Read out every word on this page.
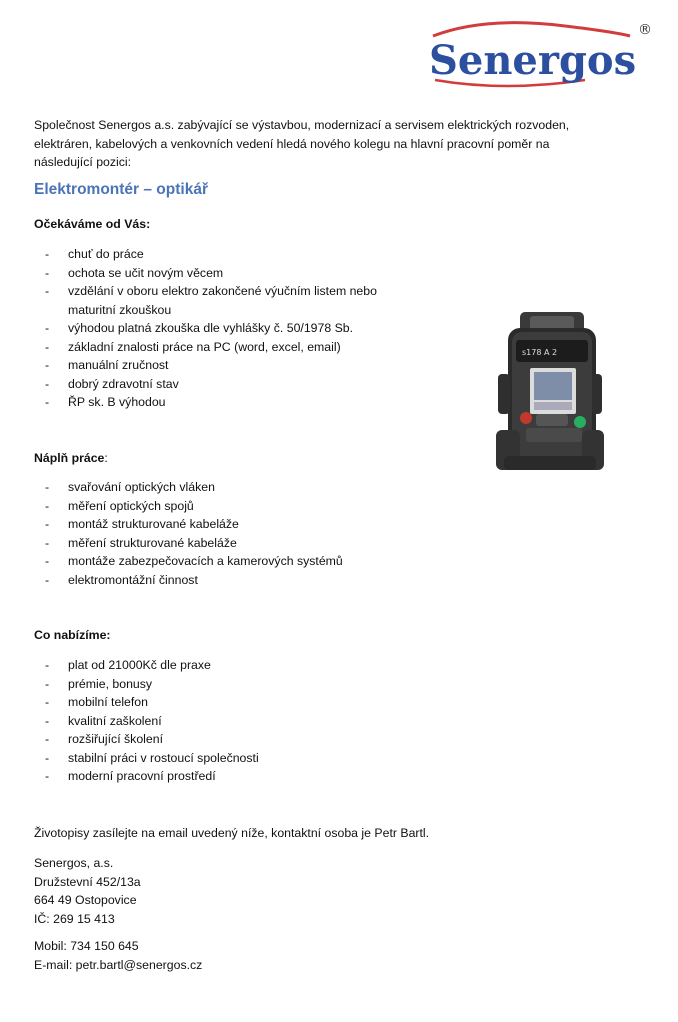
Senergos
®

Společnost Senergos a.s. zabývající se výstavbou, modernizací a servisem elektrických rozvoden, elektráren, kabelových a venkovních vedení hledá nového kolegu na hlavní pracovní poměr na následující pozici:

Elektromontér – optikář
Očekáváme od Vás:
- chuť do práce
- ochota se učit novým věcem
- vzdělání v oboru elektro zakončené výučním listem nebo maturitní zkouškou
- výhodou platná zkouška dle vyhlášky č. 50/1978 Sb.
- základní znalosti práce na PC (word, excel, email)
- manuální zručnost
- dobrý zdravotní stav
- ŘP sk. B výhodou
s178 A 2
Náplň práce:
- svařování optických vláken
- měření optických spojů
- montáž strukturované kabeláže
- měření strukturované kabeláže
- montáže zabezpečovacích a kamerových systémů
- elektromontážní činnost
Co nabízíme:
- plat od 21000Kč dle praxe
- prémie, bonusy
- mobilní telefon
- kvalitní zaškolení
- rozšiřující školení
- stabilní práci v rostoucí společnosti
- moderní pracovní prostředí

Životopisy zasílejte na email uvedený níže, kontaktní osoba je Petr Bartl.

Senergos, a.s.
Družstevní 452/13a
664 49 Ostopovice
IČ: 269 15 413
Mobil: 734 150 645
E-mail: petr.bartl@senergos.cz
